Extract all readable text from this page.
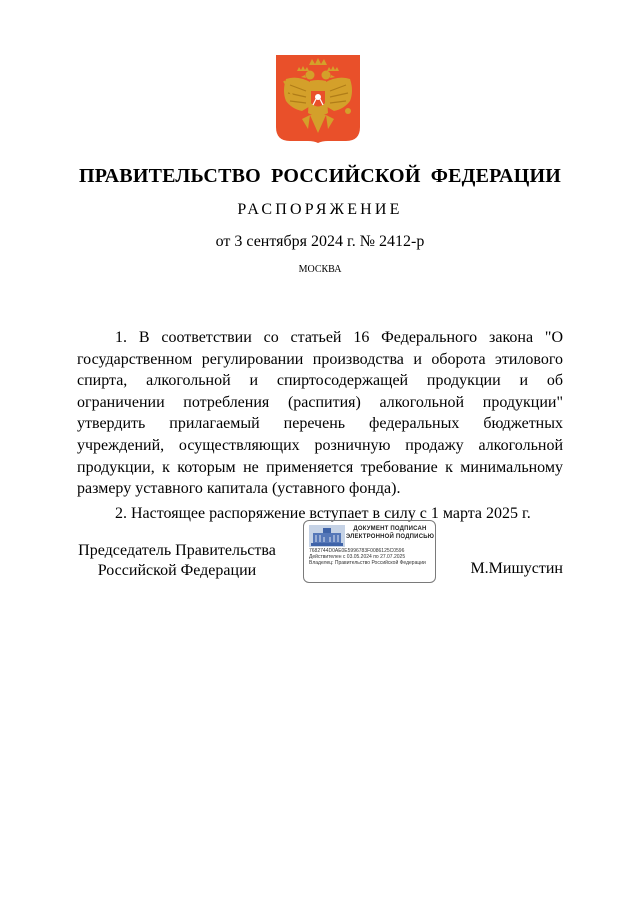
ПРАВИТЕЛЬСТВО РОССИЙСКОЙ ФЕДЕРАЦИИ
РАСПОРЯЖЕНИЕ
от 3 сентября 2024 г. № 2412-р
МОСКВА

1. В соответствии со статьей 16 Федерального закона "О государственном регулировании производства и оборота этилового спирта, алкогольной и спиртосодержащей продукции и об ограничении потребления (распития) алкогольной продукции" утвердить прилагаемый перечень федеральных бюджетных учреждений, осуществляющих розничную продажу алкогольной продукции, к которым не применяется требование к минимальному размеру уставного капитала (уставного фонда).

2. Настоящее распоряжение вступает в силу с 1 марта 2025 г.

Председатель Правительства
Российской Федерации
ДОКУМЕНТ ПОДПИСАН
ЭЛЕКТРОННОЙ ПОДПИСЬЮ
7682744D0AE0E5996783F0086125C0596
Действителен с 03.05.2024 по 27.07.2025
Владелец: Правительство Российской Федерации	М.Мишустин
